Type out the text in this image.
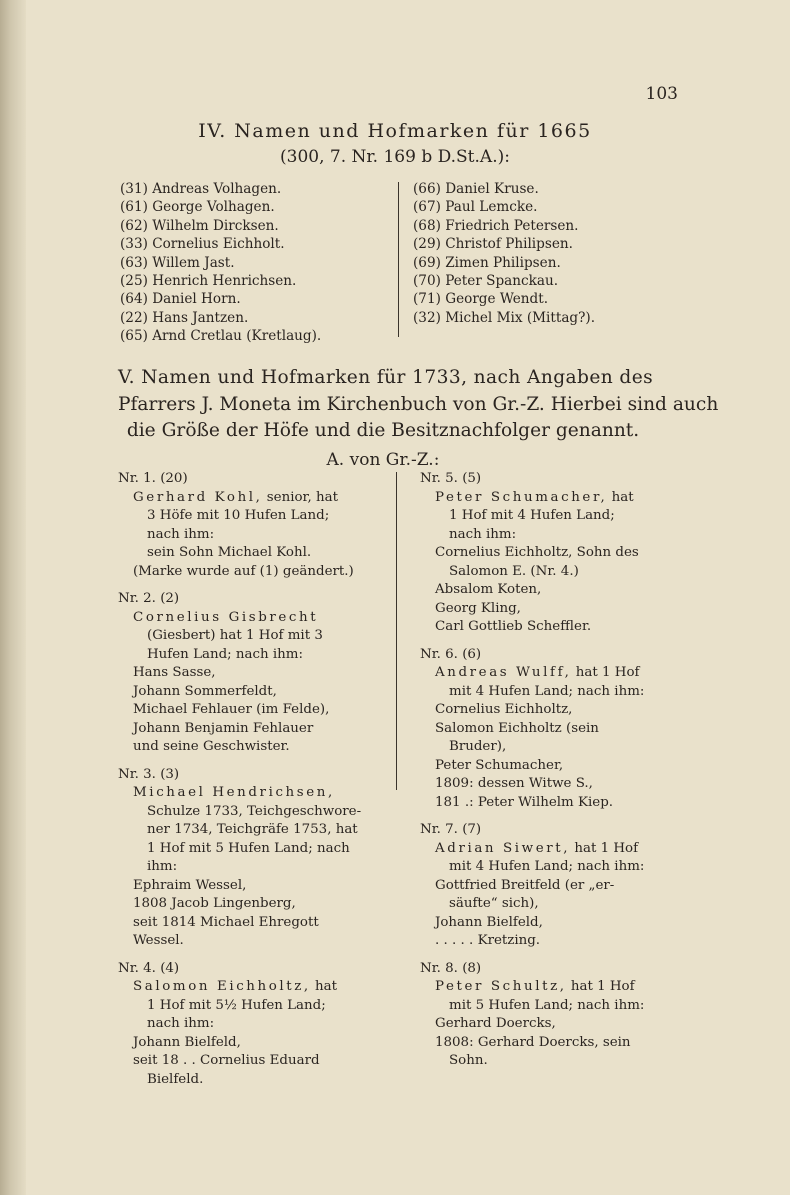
103
IV. Namen und Hofmarken für 1665
(300, 7. Nr. 169 b D.St.A.):
(31) Andreas Volhagen.
(61) George Volhagen.
(62) Wilhelm Dircksen.
(33) Cornelius Eichholt.
(63) Willem Jast.
(25) Henrich Henrichsen.
(64) Daniel Horn.
(22) Hans Jantzen.
(65) Arnd Cretlau (Kretlaug).
(66) Daniel Kruse.
(67) Paul Lemcke.
(68) Friedrich Petersen.
(29) Christof Philipsen.
(69) Zimen Philipsen.
(70) Peter Spanckau.
(71) George Wendt.
(32) Michel Mix (Mittag?).
V. Namen und Hofmarken für 1733, nach Angaben des
Pfarrers J. Moneta im Kirchenbuch von Gr.-Z. Hierbei sind auch
die Größe der Höfe und die Besitznachfolger genannt.
A. von Gr.-Z.:
Nr. 1. (20)
Gerhard Kohl, senior, hat
3 Höfe mit 10 Hufen Land;
nach ihm:
sein Sohn Michael Kohl.
(Marke wurde auf (1) geändert.)
Nr. 2. (2)
Cornelius Gisbrecht
(Giesbert) hat 1 Hof mit 3
Hufen Land; nach ihm:
Hans Sasse,
Johann Sommerfeldt,
Michael Fehlauer (im Felde),
Johann Benjamin Fehlauer
und seine Geschwister.
Nr. 3. (3)
Michael Hendrichsen,
Schulze 1733, Teichgeschwore-
ner 1734, Teichgräfe 1753, hat
1 Hof mit 5 Hufen Land; nach
ihm:
Ephraim Wessel,
1808 Jacob Lingenberg,
seit 1814 Michael Ehregott
Wessel.
Nr. 4. (4)
Salomon Eichholtz, hat
1 Hof mit 5½ Hufen Land;
nach ihm:
Johann Bielfeld,
seit 18 . . Cornelius Eduard
Bielfeld.
Nr. 5. (5)
Peter Schumacher, hat
1 Hof mit 4 Hufen Land;
nach ihm:
Cornelius Eichholtz, Sohn des
Salomon E. (Nr. 4.)
Absalom Koten,
Georg Kling,
Carl Gottlieb Scheffler.
Nr. 6. (6)
Andreas Wulff, hat 1 Hof
mit 4 Hufen Land; nach ihm:
Cornelius Eichholtz,
Salomon Eichholtz (sein
Bruder),
Peter Schumacher,
1809: dessen Witwe S.,
181 .: Peter Wilhelm Kiep.
Nr. 7. (7)
Adrian Siwert, hat 1 Hof
mit 4 Hufen Land; nach ihm:
Gottfried Breitfeld (er „er-
säufte“ sich),
Johann Bielfeld,
. . . . . Kretzing.
Nr. 8. (8)
Peter Schultz, hat 1 Hof
mit 5 Hufen Land; nach ihm:
Gerhard Doercks,
1808: Gerhard Doercks, sein
Sohn.
